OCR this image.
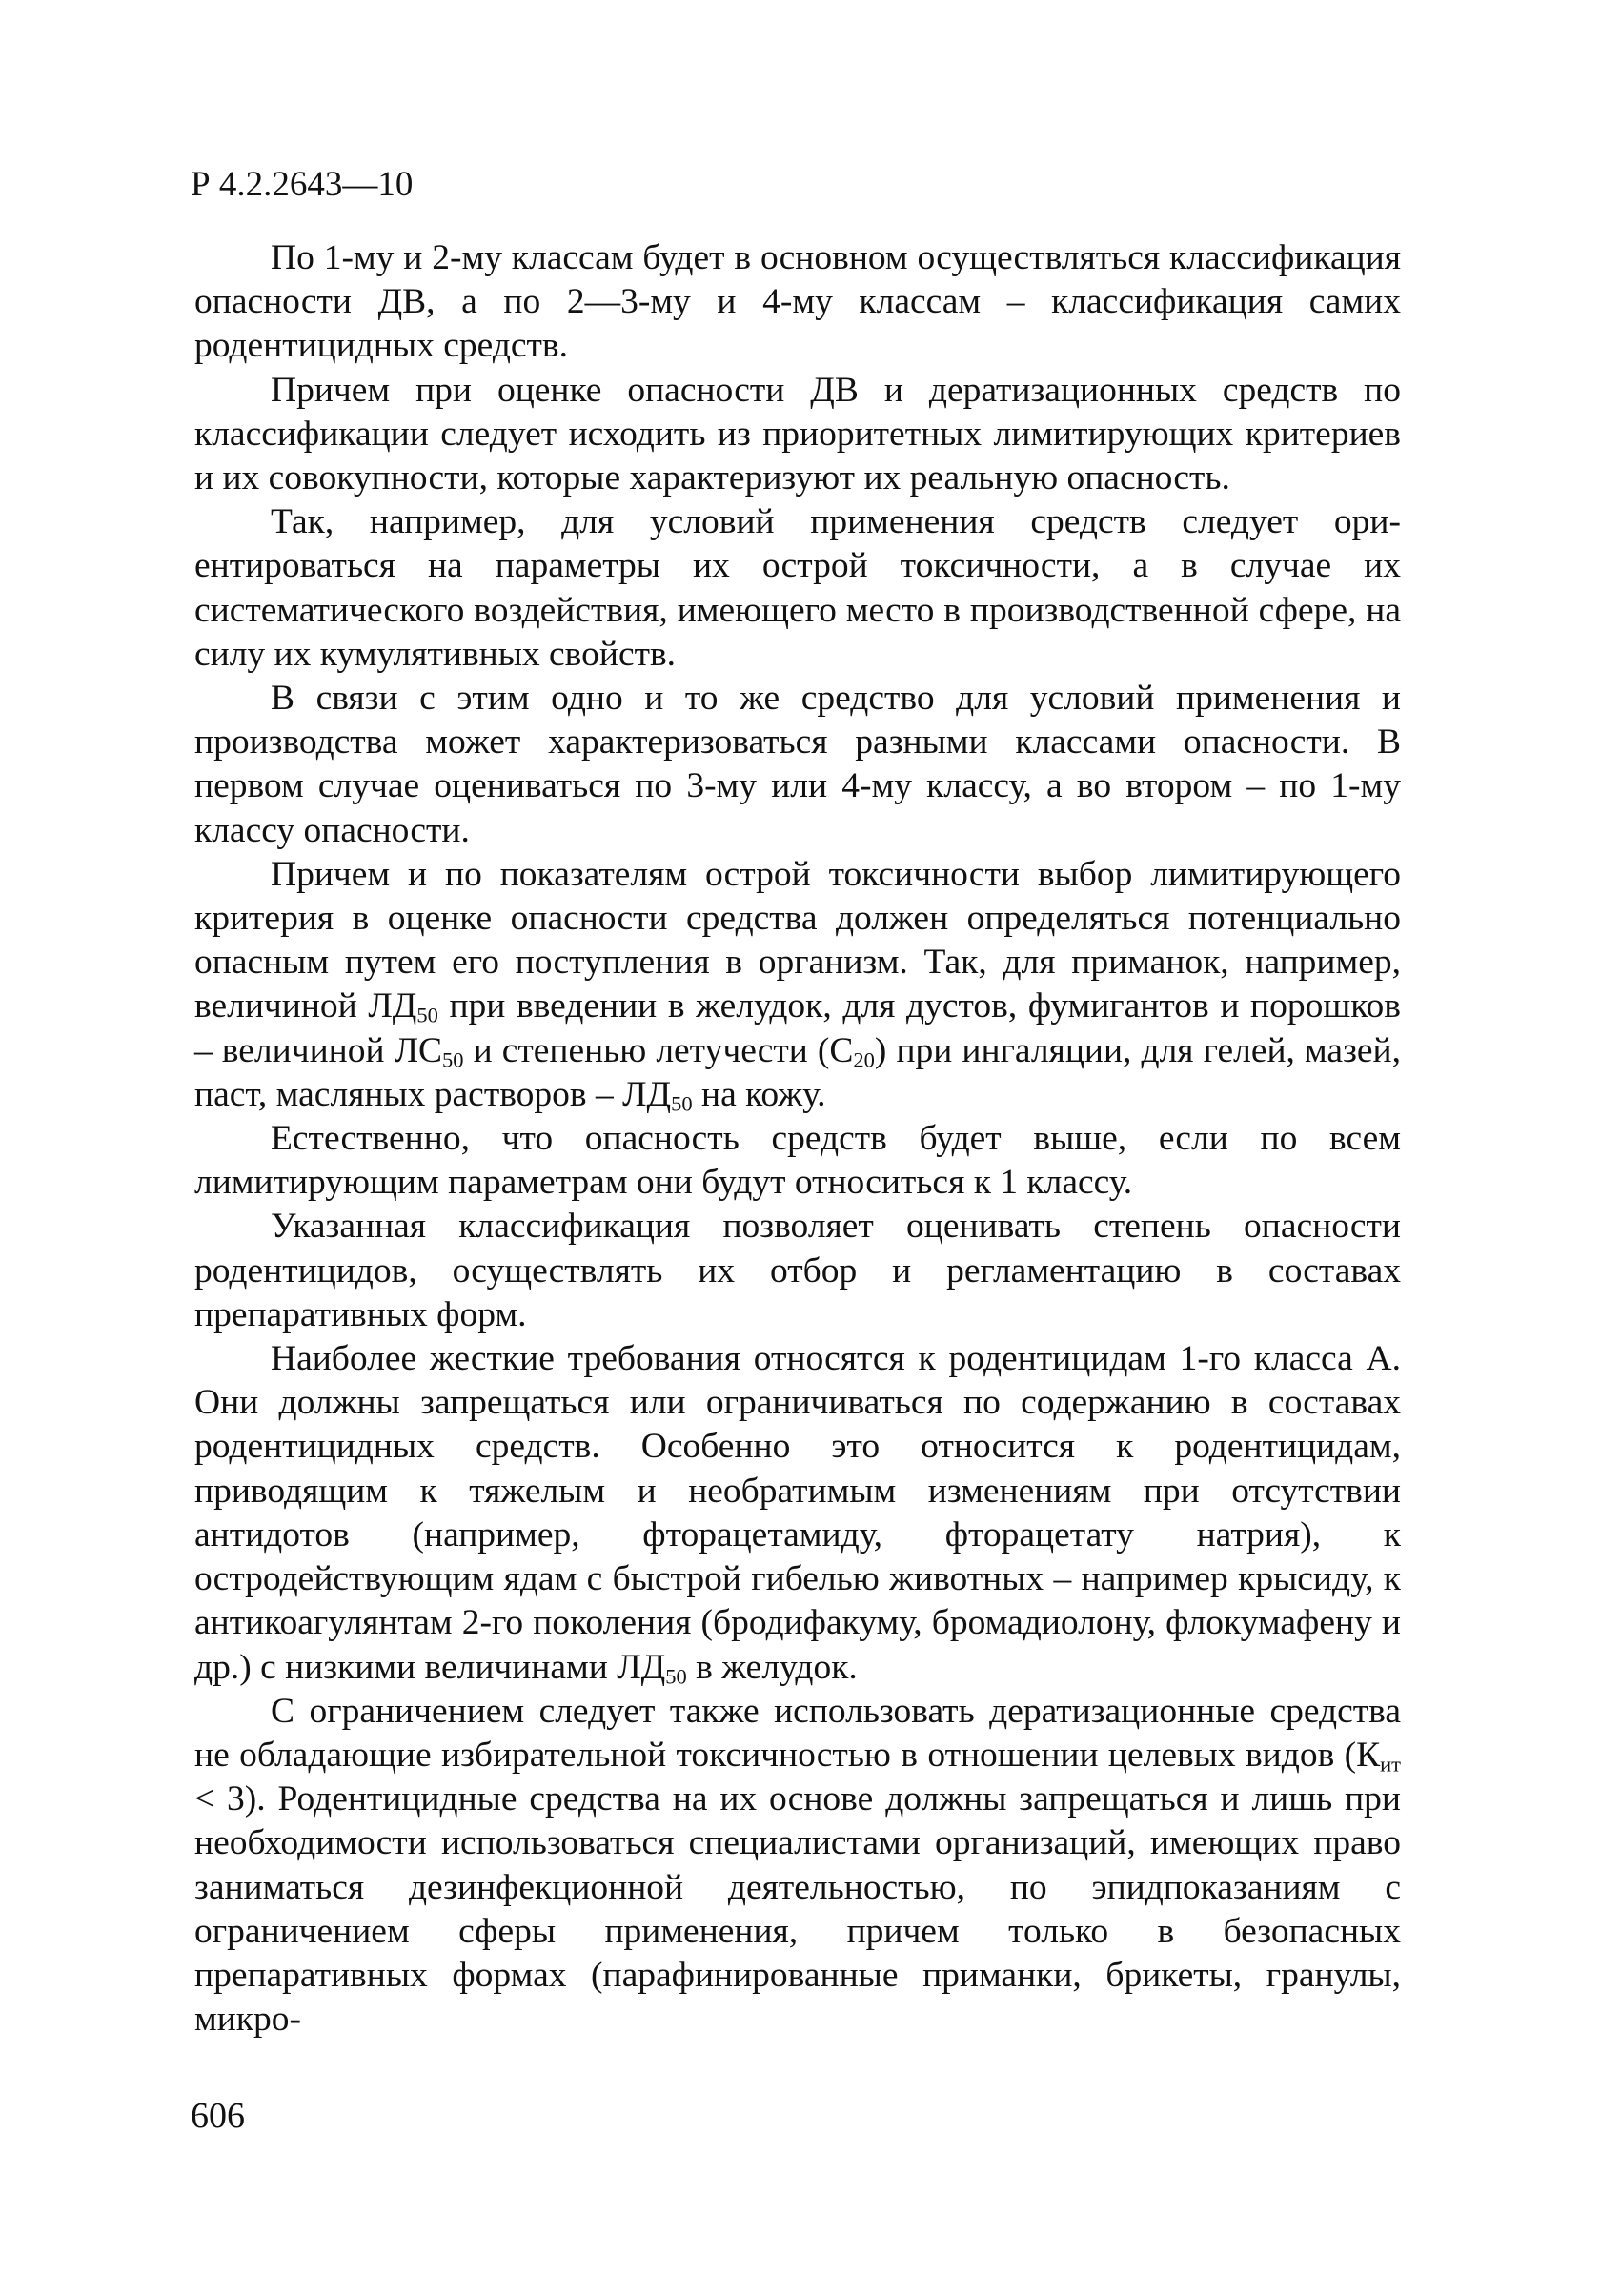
Р 4.2.2643—10

По 1-му и 2-му классам будет в основном осуществляться классификация опасности ДВ, а по 2—3-му и 4-му классам – классификация самих родентицидных средств.

Причем при оценке опасности ДВ и дератизационных средств по классификации следует исходить из приоритетных лимитирующих критериев и их совокупности, которые характеризуют их реальную опасность.

Так, например, для условий применения средств следует ориентироваться на параметры их острой токсичности, а в случае их систематического воздействия, имеющего место в производственной сфере, на силу их кумулятивных свойств.

В связи с этим одно и то же средство для условий применения и производства может характеризоваться разными классами опасности. В первом случае оцениваться по 3-му или 4-му классу, а во втором – по 1-му классу опасности.

Причем и по показателям острой токсичности выбор лимитирующего критерия в оценке опасности средства должен определяться потенциально опасным путем его поступления в организм. Так, для приманок, например, величиной $ЛД_{50}$ при введении в желудок, для дустов, фумигантов и порошков – величиной $ЛС_{50}$ и степенью летучести $(С_{20})$ при ингаляции, для гелей, мазей, паст, масляных растворов – $ЛД_{50}$ на кожу.

Естественно, что опасность средств будет выше, если по всем лимитирующим параметрам они будут относиться к 1 классу.

Указанная классификация позволяет оценивать степень опасности родентицидов, осуществлять их отбор и регламентацию в составах препаративных форм.

Наиболее жесткие требования относятся к родентицидам 1-го класса А. Они должны запрещаться или ограничиваться по содержанию в составах родентицидных средств. Особенно это относится к родентицидам, приводящим к тяжелым и необратимым изменениям при отсутствии антидотов (например, фторацетамиду, фторацетату натрия), к остродействующим ядам с быстрой гибелью животных – например крысиду, к антикоагулянтам 2-го поколения (бродифакуму, бромадиолону, флокумафену и др.) с низкими величинами $ЛД_{50}$ в желудок.

С ограничением следует также использовать дератизационные средства не обладающие избирательной токсичностью в отношении целевых видов $(К_{ит} < 3)$. Родентицидные средства на их основе должны запрещаться и лишь при необходимости использоваться специалистами организаций, имеющих право заниматься дезинфекционной деятельностью, по эпидпоказаниям с ограничением сферы применения, причем только в безопасных препаративных формах (парафинированные приманки, брикеты, гранулы, микро-

606
